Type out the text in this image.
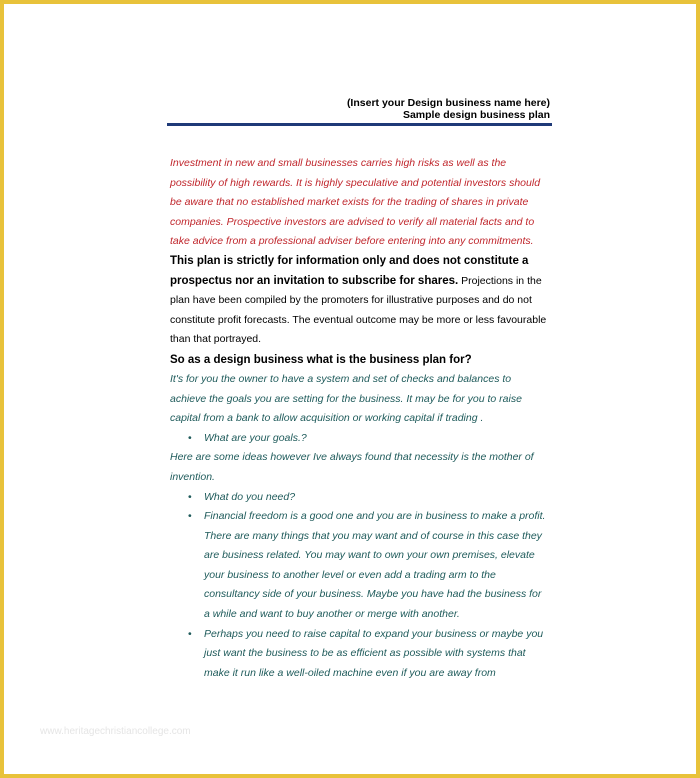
(Insert your Design business name here)
Sample design business plan

Investment in new and small businesses carries high risks as well as the possibility of high rewards. It is highly speculative and potential investors should be aware that no established market exists for the trading of shares in private companies. Prospective investors are advised to verify all material facts and to take advice from a professional adviser before entering into any commitments.

This plan is strictly for information only and does not constitute a prospectus nor an invitation to subscribe for shares. Projections in the plan have been compiled by the promoters for illustrative purposes and do not constitute profit forecasts. The eventual outcome may be more or less favourable than that portrayed.

So as a design business what is the business plan for?

It's for you the owner to have a system and set of checks and balances to achieve the goals you are setting for the business. It may be for you to raise capital from a bank to allow acquisition or working capital if trading .

• What are your goals.?

Here are some ideas however Ive always found that necessity is the mother of invention.

• What do you need?
• Financial freedom is a good one and you are in business to make a profit. There are many things that you may want and of course in this case they are business related. You may want to own your own premises, elevate your business to another level or even add a trading arm to the consultancy side of your business. Maybe you have had the business for a while and want to buy another or merge with another.
• Perhaps you need to raise capital to expand your business or maybe you just want the business to be as efficient as possible with systems that make it run like a well-oiled machine even if you are away from
www.heritagechristiancollege.com
